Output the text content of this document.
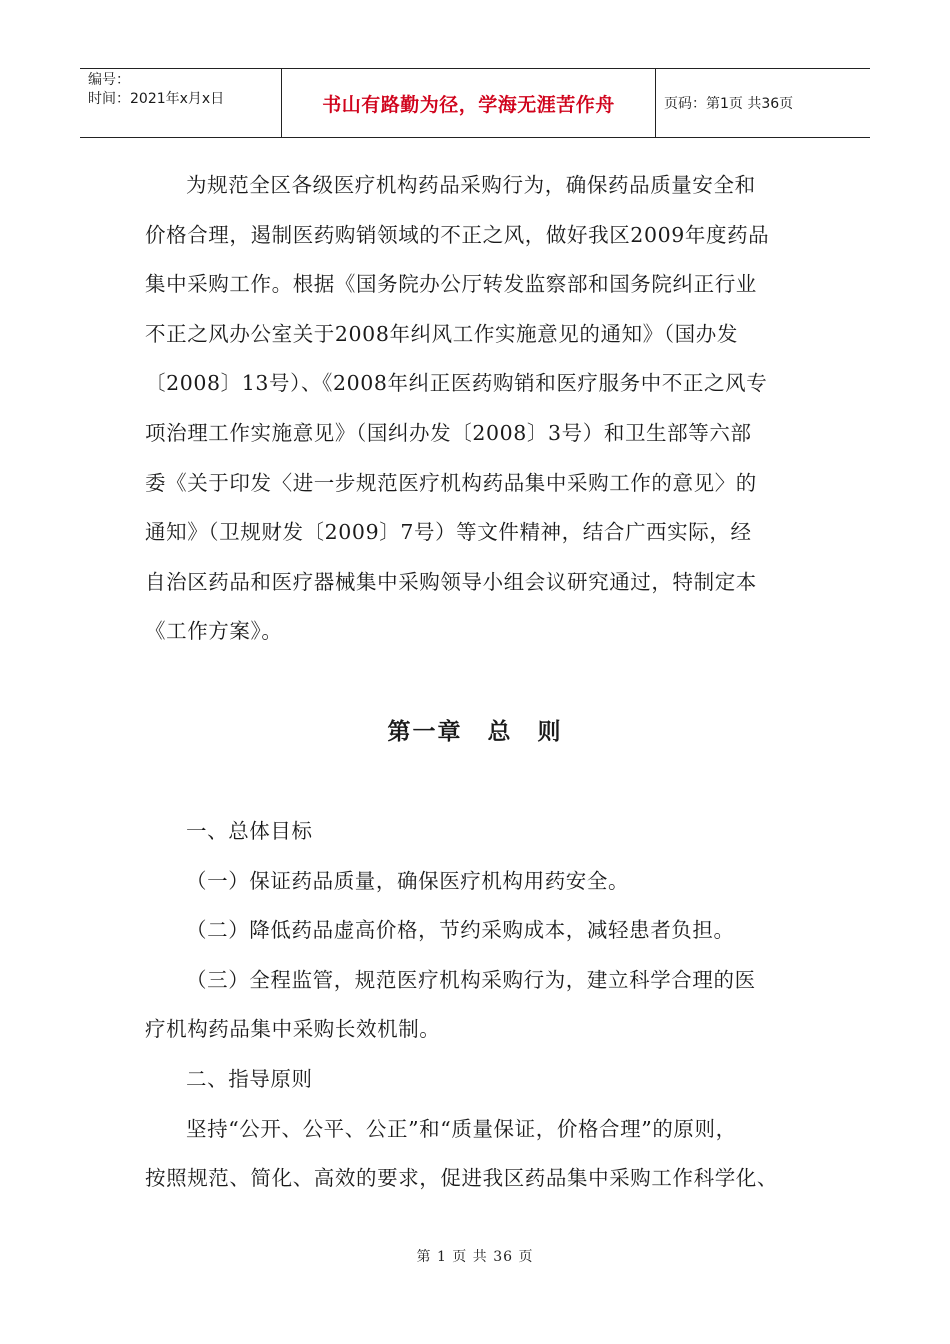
编号：
时间：2021年x月x日	书山有路勤为径，学海无涯苦作舟	页码：第1页 共36页

为规范全区各级医疗机构药品采购行为，确保药品质量安全和

价格合理，遏制医药购销领域的不正之风，做好我区2009年度药品

集中采购工作。根据《国务院办公厅转发监察部和国务院纠正行业

不正之风办公室关于2008年纠风工作实施意见的通知》（国办发

〔2008〕13号）、《2008年纠正医药购销和医疗服务中不正之风专

项治理工作实施意见》（国纠办发〔2008〕3号）和卫生部等六部

委《关于印发〈进一步规范医疗机构药品集中采购工作的意见〉的

通知》（卫规财发〔2009〕7号）等文件精神，结合广西实际，经

自治区药品和医疗器械集中采购领导小组会议研究通过，特制定本

《工作方案》。

第一章　总　则

一、总体目标

（一）保证药品质量，确保医疗机构用药安全。

（二）降低药品虚高价格，节约采购成本，减轻患者负担。

（三）全程监管，规范医疗机构采购行为，建立科学合理的医

疗机构药品集中采购长效机制。

二、指导原则

坚持“公开、公平、公正”和“质量保证，价格合理”的原则，

按照规范、简化、高效的要求，促进我区药品集中采购工作科学化、

第 1 页 共 36 页
